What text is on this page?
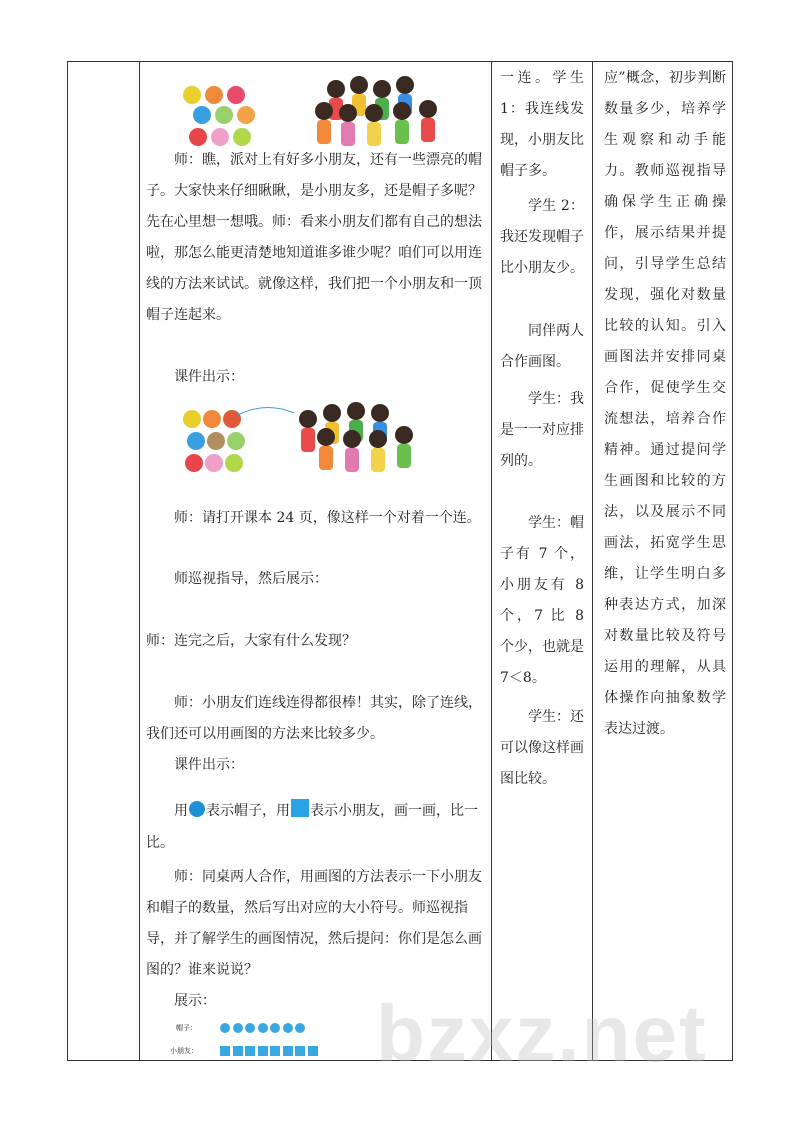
师：瞧，派对上有好多小朋友，还有一些漂亮的帽子。大家快来仔细瞅瞅，是小朋友多，还是帽子多呢？先在心里想一想哦。师：看来小朋友们都有自己的想法啦，那怎么能更清楚地知道谁多谁少呢？咱们可以用连线的方法来试试。就像这样，我们把一个小朋友和一顶帽子连起来。

课件出示：

师：请打开课本 24 页，像这样一个对着一个连。

师巡视指导，然后展示：

师：连完之后，大家有什么发现？

师：小朋友们连线连得都很棒！其实，除了连线，我们还可以用画图的方法来比较多少。

课件出示：

用 表示帽子，用 表示小朋友，画一画，比一比。

师：同桌两人合作，用画图的方法表示一下小朋友和帽子的数量，然后写出对应的大小符号。师巡视指导，并了解学生的画图情况，然后提问：你们是怎么画图的？谁来说说？

展示：

帽子：
小朋友：

一连。学生 1：我连线发现，小朋友比帽子多。

学生 2：我还发现帽子比小朋友少。

同伴两人合作画图。

学生：我是一一对应排列的。

学生：帽子有 7 个，小朋友有 8 个，7 比 8 个少，也就是 7＜8。

学生：还可以像这样画图比较。

应”概念，初步判断数量多少，培养学生观察和动手能力。教师巡视指导确保学生正确操作，展示结果并提问，引导学生总结发现，强化对数量比较的认知。引入画图法并安排同桌合作，促使学生交流想法，培养合作精神。通过提问学生画图和比较的方法，以及展示不同画法，拓宽学生思维，让学生明白多种表达方式，加深对数量比较及符号运用的理解，从具体操作向抽象数学表达过渡。

bzxz.net
